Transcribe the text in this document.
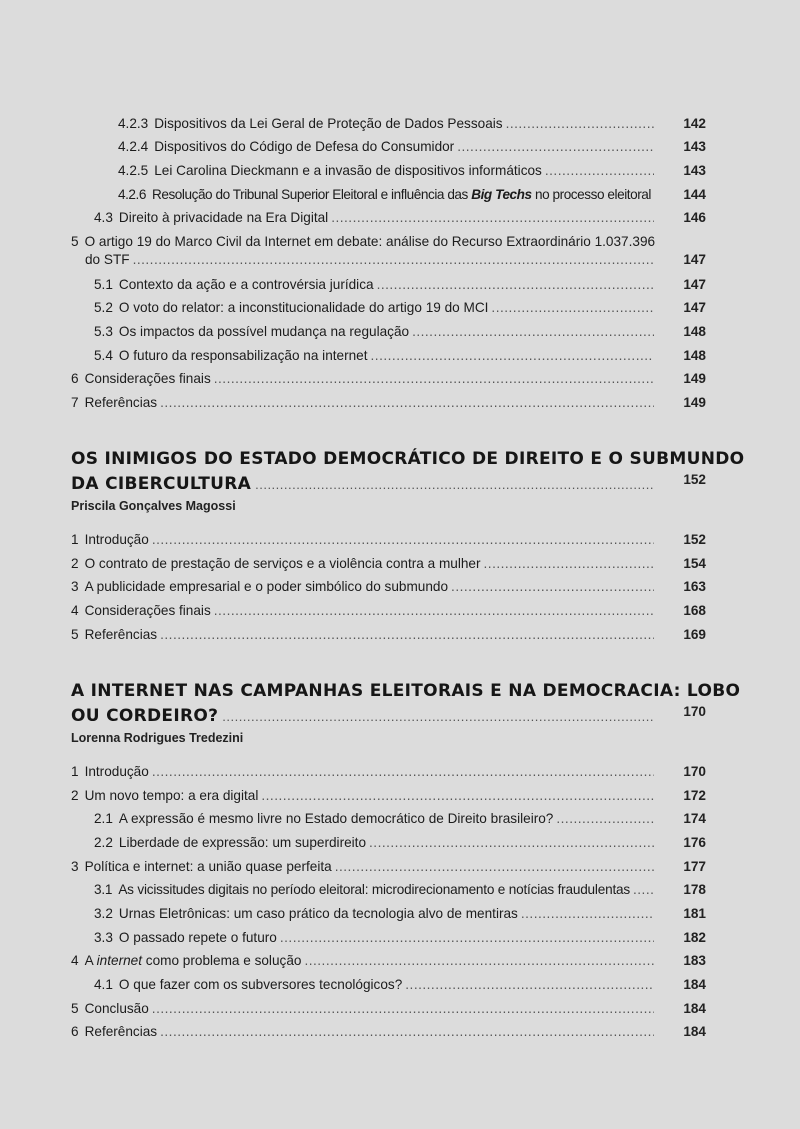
4.2.3 Dispositivos da Lei Geral de Proteção de Dados Pessoais .....	142
4.2.4 Dispositivos do Código de Defesa do Consumidor .....	143
4.2.5 Lei Carolina Dieckmann e a invasão de dispositivos informáticos .....	143
4.2.6 Resolução do Tribunal Superior Eleitoral e influência das Big Techs no processo eleitoral .....	144
4.3 Direito à privacidade na Era Digital .....	146
5 O artigo 19 do Marco Civil da Internet em debate: análise do Recurso Extraordinário 1.037.396
do STF .....	147
5.1 Contexto da ação e a controvérsia jurídica .....	147
5.2 O voto do relator: a inconstitucionalidade do artigo 19 do MCI .....	147
5.3 Os impactos da possível mudança na regulação .....	148
5.4 O futuro da responsabilização na internet .....	148
6 Considerações finais .....	149
7 Referências .....	149
OS INIMIGOS DO ESTADO DEMOCRÁTICO DE DIREITO E O SUBMUNDO
DA CIBERCULTURA .....	152
Priscila Gonçalves Magossi
1 Introdução .....	152
2 O contrato de prestação de serviços e a violência contra a mulher .....	154
3 A publicidade empresarial e o poder simbólico do submundo .....	163
4 Considerações finais .....	168
5 Referências .....	169
A INTERNET NAS CAMPANHAS ELEITORAIS E NA DEMOCRACIA: LOBO
OU CORDEIRO? .....	170
Lorenna Rodrigues Tredezini
1 Introdução .....	170
2 Um novo tempo: a era digital .....	172
2.1 A expressão é mesmo livre no Estado democrático de Direito brasileiro? .....	174
2.2 Liberdade de expressão: um superdireito .....	176
3 Política e internet: a união quase perfeita .....	177
3.1 As vicissitudes digitais no período eleitoral: microdirecionamento e notícias fraudulentas .....	178
3.2 Urnas Eletrônicas: um caso prático da tecnologia alvo de mentiras .....	181
3.3 O passado repete o futuro .....	182
4 A internet como problema e solução .....	183
4.1 O que fazer com os subversores tecnológicos? .....	184
5 Conclusão .....	184
6 Referências .....	184
